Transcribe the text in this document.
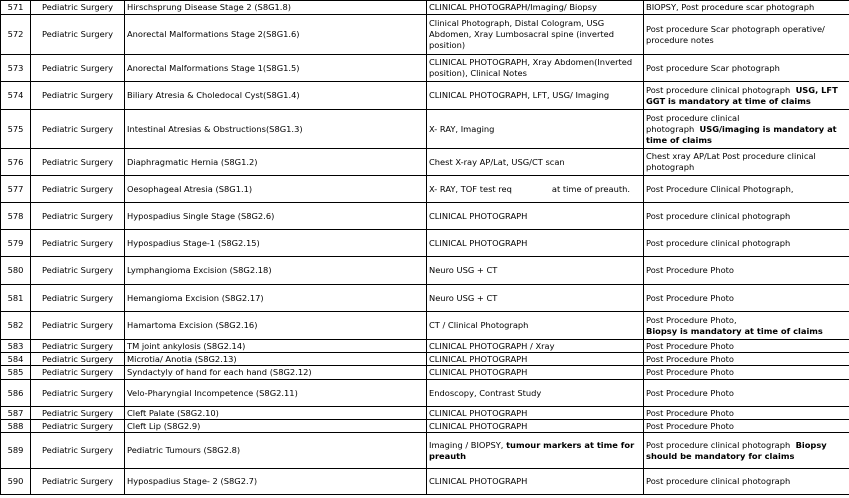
571	Pediatric Surgery	Hirschsprung Disease Stage 2 (S8G1.8)	CLINICAL PHOTOGRAPH/Imaging/ Biopsy	BIOPSY, Post procedure scar photograph
572	Pediatric Surgery	Anorectal Malformations Stage 2(S8G1.6)	Clinical Photograph, Distal Cologram, USG Abdomen, Xray Lumbosacral spine (inverted position)	Post procedure Scar photograph operative/ procedure notes
573	Pediatric Surgery	Anorectal Malformations Stage 1(S8G1.5)	CLINICAL PHOTOGRAPH, Xray Abdomen(Inverted position), Clinical Notes	Post procedure Scar photograph
574	Pediatric Surgery	Biliary Atresia & Choledocal Cyst(S8G1.4)	CLINICAL PHOTOGRAPH, LFT, USG/ Imaging	Post procedure clinical photograph USG, LFT GGT is mandatory at time of claims
575	Pediatric Surgery	Intestinal Atresias & Obstructions(S8G1.3)	X- RAY, Imaging	Post procedure clinical photograph USG/imaging is mandatory at time of claims
576	Pediatric Surgery	Diaphragmatic Hernia (S8G1.2)	Chest X-ray AP/Lat, USG/CT scan	Chest xray AP/Lat Post procedure clinical photograph
577	Pediatric Surgery	Oesophageal Atresia (S8G1.1)	X- RAY, TOF test req at time of preauth.	Post Procedure Clinical Photograph,
578	Pediatric Surgery	Hypospadius Single Stage (S8G2.6)	CLINICAL PHOTOGRAPH	Post procedure clinical photograph
579	Pediatric Surgery	Hypospadius Stage-1 (S8G2.15)	CLINICAL PHOTOGRAPH	Post procedure clinical photograph
580	Pediatric Surgery	Lymphangioma Excision (S8G2.18)	Neuro USG + CT	Post Procedure Photo
581	Pediatric Surgery	Hemangioma Excision (S8G2.17)	Neuro USG + CT	Post Procedure Photo
582	Pediatric Surgery	Hamartoma Excision (S8G2.16)	CT / Clinical Photograph	Post Procedure Photo,
Biopsy is mandatory at time of claims
583	Pediatric Surgery	TM joint ankylosis (S8G2.14)	CLINICAL PHOTOGRAPH / Xray	Post Procedure Photo
584	Pediatric Surgery	Microtia/ Anotia (S8G2.13)	CLINICAL PHOTOGRAPH	Post Procedure Photo
585	Pediatric Surgery	Syndactyly of hand for each hand (S8G2.12)	CLINICAL PHOTOGRAPH	Post Procedure Photo
586	Pediatric Surgery	Velo-Pharyngial Incompetence (S8G2.11)	Endoscopy, Contrast Study	Post Procedure Photo
587	Pediatric Surgery	Cleft Palate (S8G2.10)	CLINICAL PHOTOGRAPH	Post Procedure Photo
588	Pediatric Surgery	Cleft Lip (S8G2.9)	CLINICAL PHOTOGRAPH	Post Procedure Photo
589	Pediatric Surgery	Pediatric Tumours (S8G2.8)	Imaging / BIOPSY, tumour markers at time for preauth	Post procedure clinical photograph Biopsy should be mandatory for claims
590	Pediatric Surgery	Hypospadius Stage- 2 (S8G2.7)	CLINICAL PHOTOGRAPH	Post procedure clinical photograph
